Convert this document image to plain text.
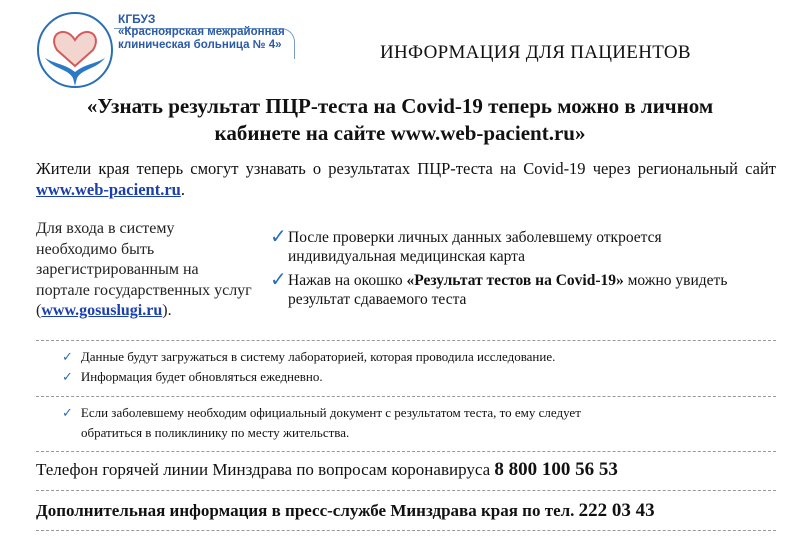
КГБУЗ
«Красноярская межрайонная
клиническая больница № 4»	ИНФОРМАЦИЯ ДЛЯ ПАЦИЕНТОВ
«Узнать результат ПЦР-теста на Covid-19 теперь можно в личном
кабинете на сайте www.web-pacient.ru»
Жители края теперь смогут узнавать о результатах ПЦР-теста на Covid-19 через региональный сайт www.web-pacient.ru.
Для входа в систему необходимо быть зарегистрированным на портале государственных услуг (www.gosuslugi.ru).
✓ После проверки личных данных заболевшему откроется индивидуальная медицинская карта
✓ Нажав на окошко «Результат тестов на Covid-19» можно увидеть результат сдаваемого теста
✓ Данные будут загружаться в систему лабораторией, которая проводила исследование.
✓ Информация будет обновляться ежедневно.
✓ Если заболевшему необходим официальный документ с результатом теста, то ему следует
обратиться в поликлинику по месту жительства.
Телефон горячей линии Минздрава по вопросам коронавируса 8 800 100 56 53
Дополнительная информация в пресс-службе Минздрава края по тел. 222 03 43
